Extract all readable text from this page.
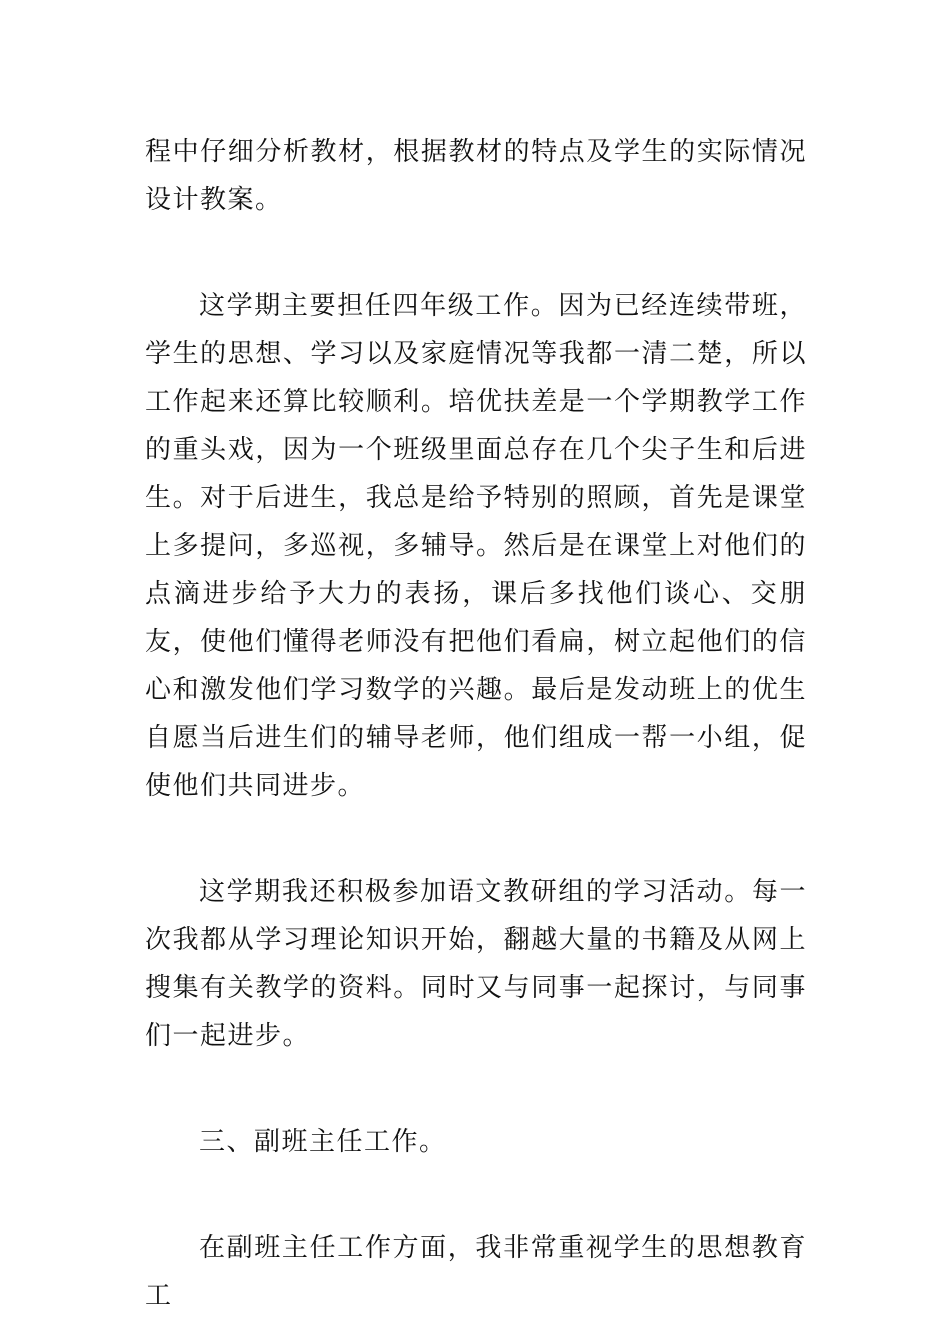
程中仔细分析教材，根据教材的特点及学生的实际情况设计教案。

这学期主要担任四年级工作。因为已经连续带班，学生的思想、学习以及家庭情况等我都一清二楚，所以工作起来还算比较顺利。培优扶差是一个学期教学工作的重头戏，因为一个班级里面总存在几个尖子生和后进生。对于后进生，我总是给予特别的照顾，首先是课堂上多提问，多巡视，多辅导。然后是在课堂上对他们的点滴进步给予大力的表扬，课后多找他们谈心、交朋友，使他们懂得老师没有把他们看扁，树立起他们的信心和激发他们学习数学的兴趣。最后是发动班上的优生自愿当后进生们的辅导老师，他们组成一帮一小组，促使他们共同进步。

这学期我还积极参加语文教研组的学习活动。每一次我都从学习理论知识开始，翻越大量的书籍及从网上搜集有关教学的资料。同时又与同事一起探讨，与同事们一起进步。

三、副班主任工作。

在副班主任工作方面，我非常重视学生的思想教育工
